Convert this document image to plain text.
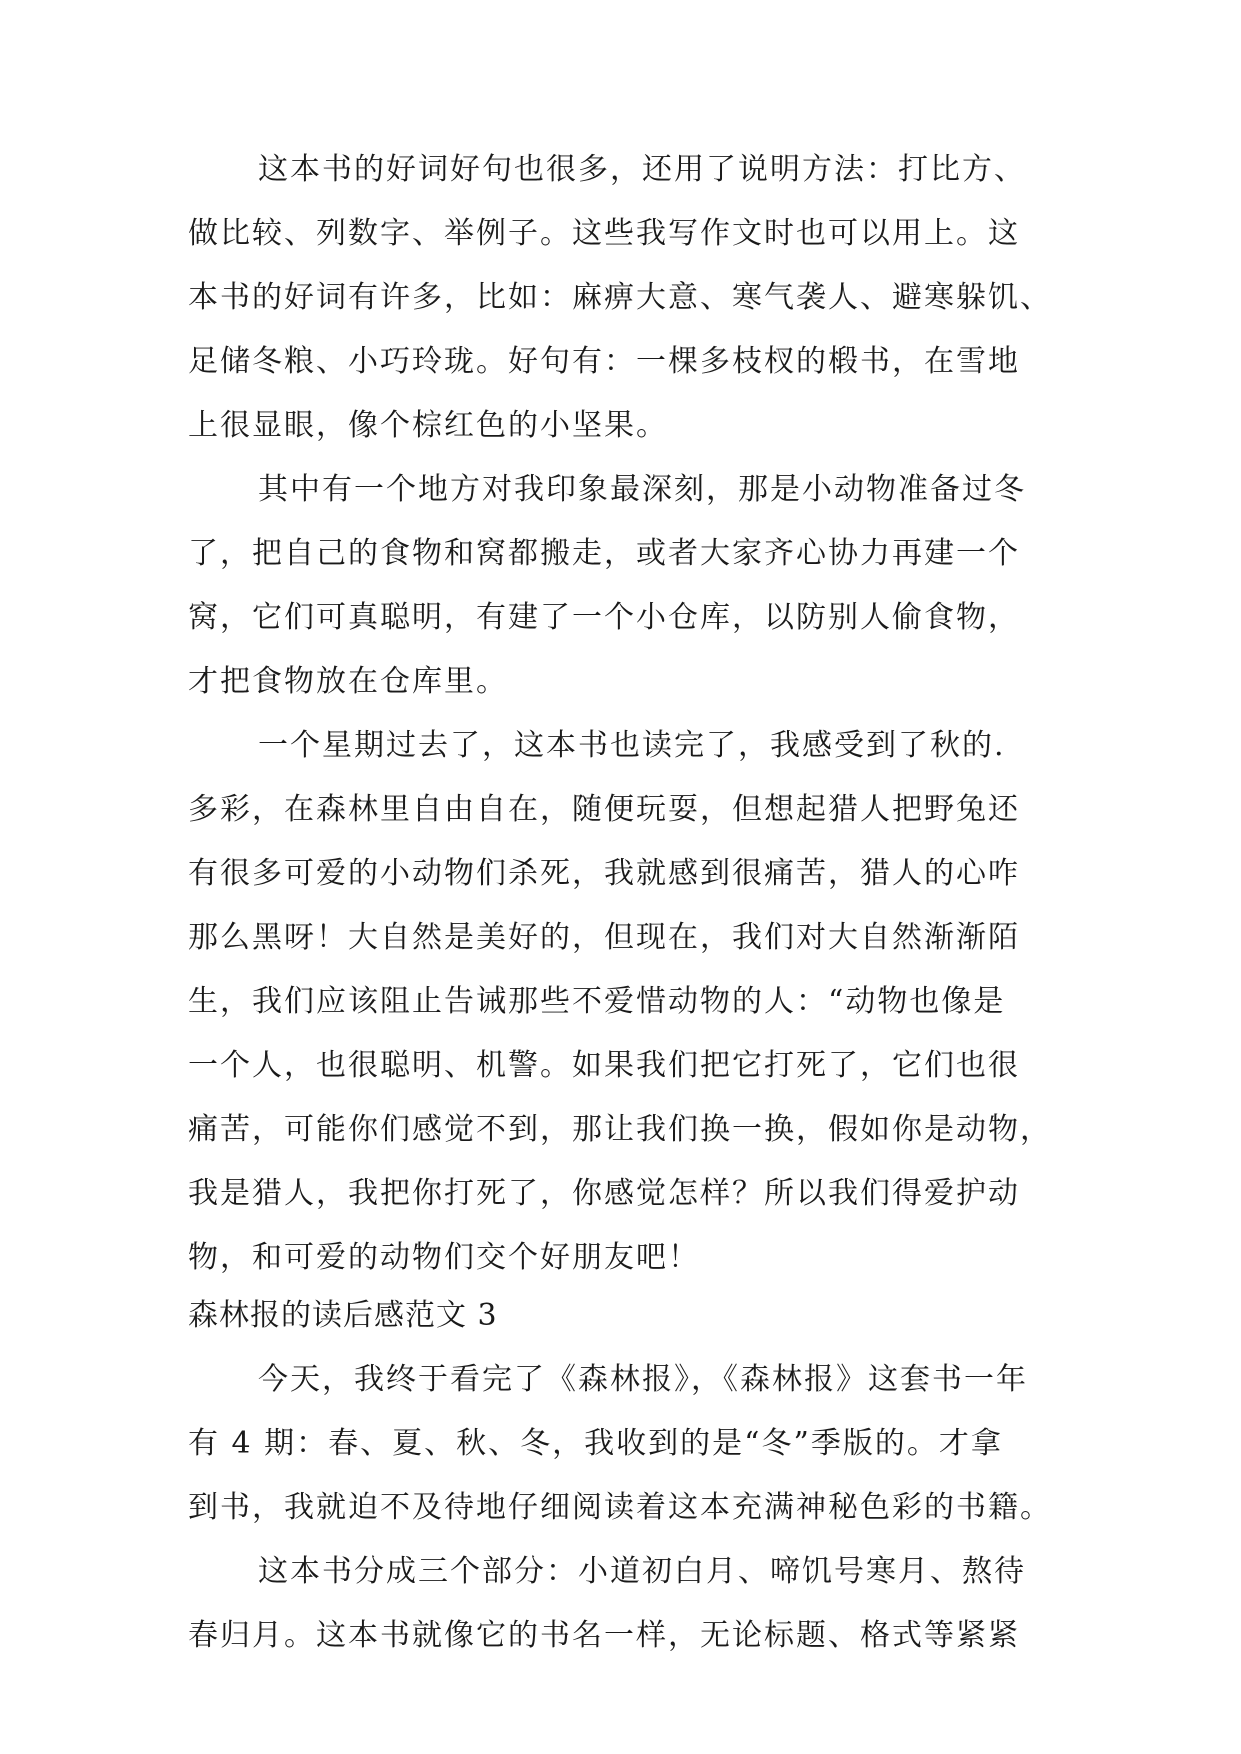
这本书的好词好句也很多，还用了说明方法：打比方、
做比较、列数字、举例子。这些我写作文时也可以用上。这
本书的好词有许多，比如：麻痹大意、寒气袭人、避寒躲饥、
足储冬粮、小巧玲珑。好句有：一棵多枝杈的椴书，在雪地
上很显眼，像个棕红色的小坚果。
其中有一个地方对我印象最深刻，那是小动物准备过冬
了，把自己的食物和窝都搬走，或者大家齐心协力再建一个
窝，它们可真聪明，有建了一个小仓库，以防别人偷食物，
才把食物放在仓库里。
一个星期过去了，这本书也读完了，我感受到了秋的.
多彩，在森林里自由自在，随便玩耍，但想起猎人把野兔还
有很多可爱的小动物们杀死，我就感到很痛苦，猎人的心咋
那么黑呀！大自然是美好的，但现在，我们对大自然渐渐陌
生，我们应该阻止告诫那些不爱惜动物的人：“动物也像是
一个人，也很聪明、机警。如果我们把它打死了，它们也很
痛苦，可能你们感觉不到，那让我们换一换，假如你是动物，
我是猎人，我把你打死了，你感觉怎样？所以我们得爱护动
物，和可爱的动物们交个好朋友吧！
森林报的读后感范文 3
今天，我终于看完了《森林报》，《森林报》这套书一年
有 4 期：春、夏、秋、冬，我收到的是“冬”季版的。才拿
到书，我就迫不及待地仔细阅读着这本充满神秘色彩的书籍。
这本书分成三个部分：小道初白月、啼饥号寒月、熬待
春归月。这本书就像它的书名一样，无论标题、格式等紧紧
